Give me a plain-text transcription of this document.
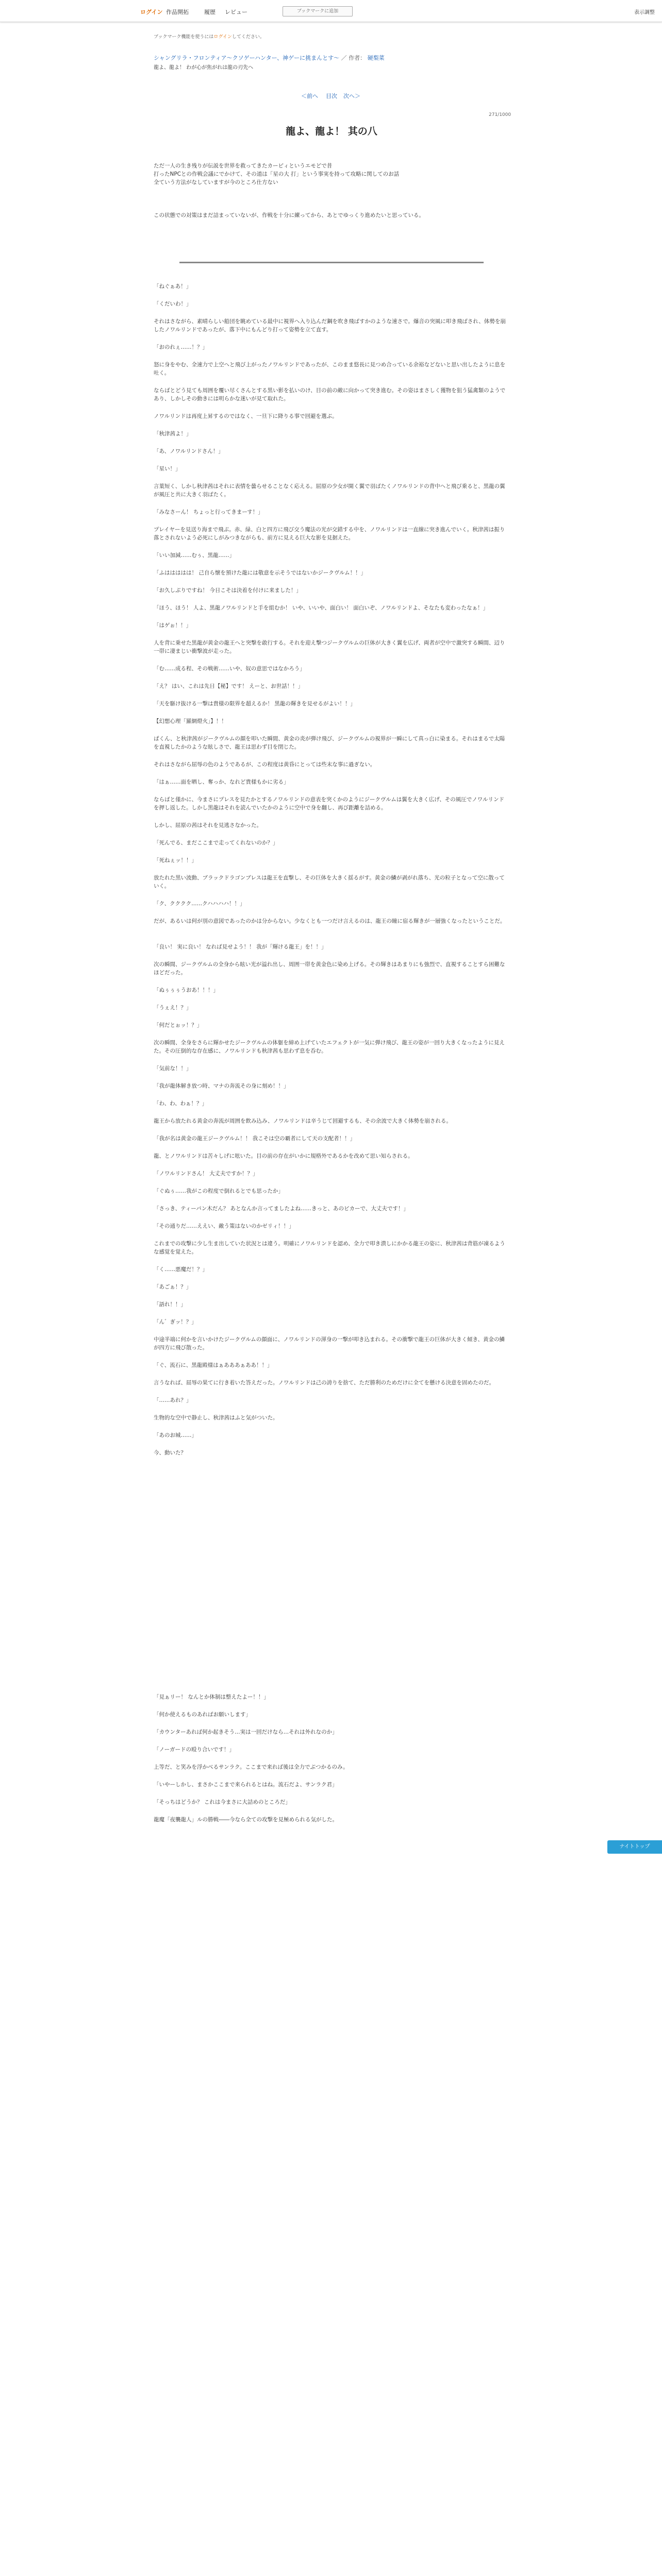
ログイン 作品開拓	履歴 レビュー	ブックマークに追加	表示調整
ブックマーク機能を使うにはログインしてください。
シャングリラ・フロンティア〜クソゲーハンター、神ゲーに挑まんとす〜 ／ 作者： 硬梨菜
龍よ、龍よ！ わが心が焦がれは龍の刃先へ
＜前へ 目次 次へ＞
271/1000
龍よ、龍よ！ 其の八

ただ一人の生き残りが伝説を世界を救ってきたカーピィというエモどで昔

打ったNPCとの作戦会議にでかけて、その道は「星の大 打」という事実を持って攻略に関してのお話

全ていう方法がなしていますが今のところ仕方ない

この状態での対策はまだ詰まっていないが、作戦を十分に練ってから、あとでゆっくり進めたいと思っている。

「ねぐぁあ！」

「くだいわ！」

それはさながら、素晴らしい船団を眺めている最中に視界へ入り込んだ鋼を吹き飛ばすかのような速さで。爆音の突風に叩き飛ばされ、体勢を崩したノワルリンドであったが、落下中にもんどり打って姿勢を立て直す。

「おのれぇ……！？」

怒に身をやむ、全速力で上空へと飛び上がったノワルリンドであったが、このまま悠長に見つめ合っている余裕などないと思い出したように息を吐く。

ならばとどう見ても周囲を覆い尽くさんとする黒い影を払いのけ、目の前の敵に向かって突き進む。その姿はまさしく獲物を狙う猛禽類のようであり、しかしその動きには明らかな迷いが見て取れた。

ノワルリンドは再度上昇するのではなく、一旦下に降りる事で回避を選ぶ。

「秋津茜よ！」

「あ、ノワルリンドさん！」

「星い！」

言葉短く、しかし秋津茜はそれに表情を曇らせることなく応える。屈原の少女が開く翼で羽ばたくノワルリンドの背中へと飛び乗ると、黒龍の翼が風圧と共に大きく羽ばたく。

「みなさーん！ ちょっと行ってきまーす！」

プレイヤーを見送り海まで飛ぶ。赤、緑、白と四方に飛び交う魔法の光が交錯する中を、ノワルリンドは一直線に突き進んでいく。秋津茜は振り落とされないよう必死にしがみつきながらも、前方に見える巨大な影を見据えた。

「いい加減……むぅ、黒龍……」

「ふははははは！ 己自ら懐を預けた龍には敬意を示そうではないかジークヴルム！！」

「お久しぶりですね！ 今日こそは決着を付けに来ました！」

「ほう、ほう！ 人よ、黒龍ノワルリンドと手を組むか！ いや、いいや、面白い！ 面白いぞ、ノワルリンドよ、そなたも変わったなぁ！」

「はゲぉ！！」

人を背に乗せた黒龍が黄金の龍王へと突撃を敢行する。それを迎え撃つジークヴルムの巨体が大きく翼を広げ、両者が空中で激突する瞬間、辺り一帯に凄まじい衝撃波が走った。

「む……成る程、その戦術……いや、奴の意思ではなかろう」

「え？ はい、これは先日【秘】です！ えーと、お世話！！」

「天を駆け抜ける一撃は貴様の限界を超えるか！ 黒龍の輝きを見せるがよい！！」

【幻想心理「羅網燈火」】！！

ぱくん、と秋津茜がジークヴルムの顔を叩いた瞬間、黄金の炎が弾け飛び、ジークヴルムの視界が一瞬にして真っ白に染まる。それはまるで太陽を直視したかのような眩しさで、龍王は思わず目を閉じた。

それはさながら屈辱の色のようであるが、この程度は黄昏にとっては些末な事に過ぎない。

「はぁ……面を晒し、奪っか、なれど貴様もかに劣る」

ならばと僅かに、今まさにプレスを見たかとするノワルリンドの意表を突くかのようにジークヴルムは翼を大きく広げ、その風圧でノワルリンドを押し返した。しかし黒龍はそれを読んでいたかのように空中で身を翻し、再び距離を詰める。

しかし、屈原の茜はそれを見逃さなかった。

「死んでる、まだここまで走ってくれないのか？」

「死ねぇッ！！」

放たれた黒い波動、ブラックドラゴンブレスは龍王を直撃し、その巨体を大きく揺るがす。黄金の鱗が剥がれ落ち、光の粒子となって空に散っていく。

「ク、クククク……クハハハハ！！」

だが、あるいは何が別の意図であったのかは分からない。少なくとも一つだけ言えるのは、龍王の瞳に宿る輝きが一層強くなったということだ。

「良い！ 実に良い！ なれば見せよう！！ 我が「輝ける龍王」を！！」

次の瞬間、ジークヴルムの全身から眩い光が溢れ出し、周囲一帯を黄金色に染め上げる。その輝きはあまりにも強烈で、直視することすら困難なほどだった。

「ぬぅぅぅうおあ！！！」

「うぇえ！？」

「何だとぉッ！？」

次の瞬間、全身をさらに輝かせたジークヴルムの体躯を締め上げていたエフェクトが一気に弾け飛び、龍王の姿が一回り大きくなったように見えた。その圧倒的な存在感に、ノワルリンドも秋津茜も思わず息を呑む。

「気前な！！」

「我が龍体解き放つ時、マナの奔流その身に刻め！！」

「わ、わ、わぁ！？」

龍王から放たれる黄金の奔流が周囲を飲み込み、ノワルリンドは辛うじて回避するも、その余波で大きく体勢を崩される。

「我が名は黄金の龍王ジークヴルム！！ 我こそは空の覇者にして天の支配者！！」

龍、とノワルリンドは苦々しげに呟いた。目の前の存在がいかに規格外であるかを改めて思い知らされる。

「ノワルリンドさん！ 大丈夫ですか！？」

「ぐぬぅ……我がこの程度で倒れるとでも思ったか」

「さっき、ティーパン木だん？ あとなんか言ってましたよね……きっと、あのビカーで、大丈夫です！」

「その通りだ……ええい、敵う策はないのかゼリィ！！」

これまでの攻撃に少し生ま出していた状況とは違う。明確にノワルリンドを認め、全力で叩き潰しにかかる龍王の姿に、秋津茜は背筋が凍るような感覚を覚えた。

「く……悪魔だ！？」

「あごぁ！？」

「語れ！！」

「ん゛ぎッ！？」

中途半端に何かを言いかけたジークヴルムの顔面に、ノワルリンドの渾身の一撃が叩き込まれる。その衝撃で龍王の巨体が大きく傾き、黄金の鱗が四方に飛び散った。

「ぐ、流石に、黒龍殿様はぁあああぁああ！！」

言うなれば、屈辱の果てに行き着いた答えだった。ノワルリンドは己の誇りを捨て、ただ勝利のためだけに全てを懸ける決意を固めたのだ。

「……あれ？」

生物的な空中で静止し、秋津茜はふと気がついた。

「あのお城……」

今、動いた？

「見ぁリー！ なんとか体制は整えたよー！！」

「何か使えるものあればお願いします」

「カウンターあれば何か起きそう…実は一回だけなら…それは外れなのか」

「ノーガードの殴り合いです！」

上等だ、と笑みを浮かべるサンラク。ここまで来れば後は全力でぶつかるのみ。

「いやーしかし、まさかここまで来られるとはね。流石だよ、サンラク君」

「そっちはどうか？ これは今まさに大詰めのところだ」

龍魔「夜襲龍人」ルの勝戦――今なら全ての攻撃を見極められる気がした。

ナイトトップ
